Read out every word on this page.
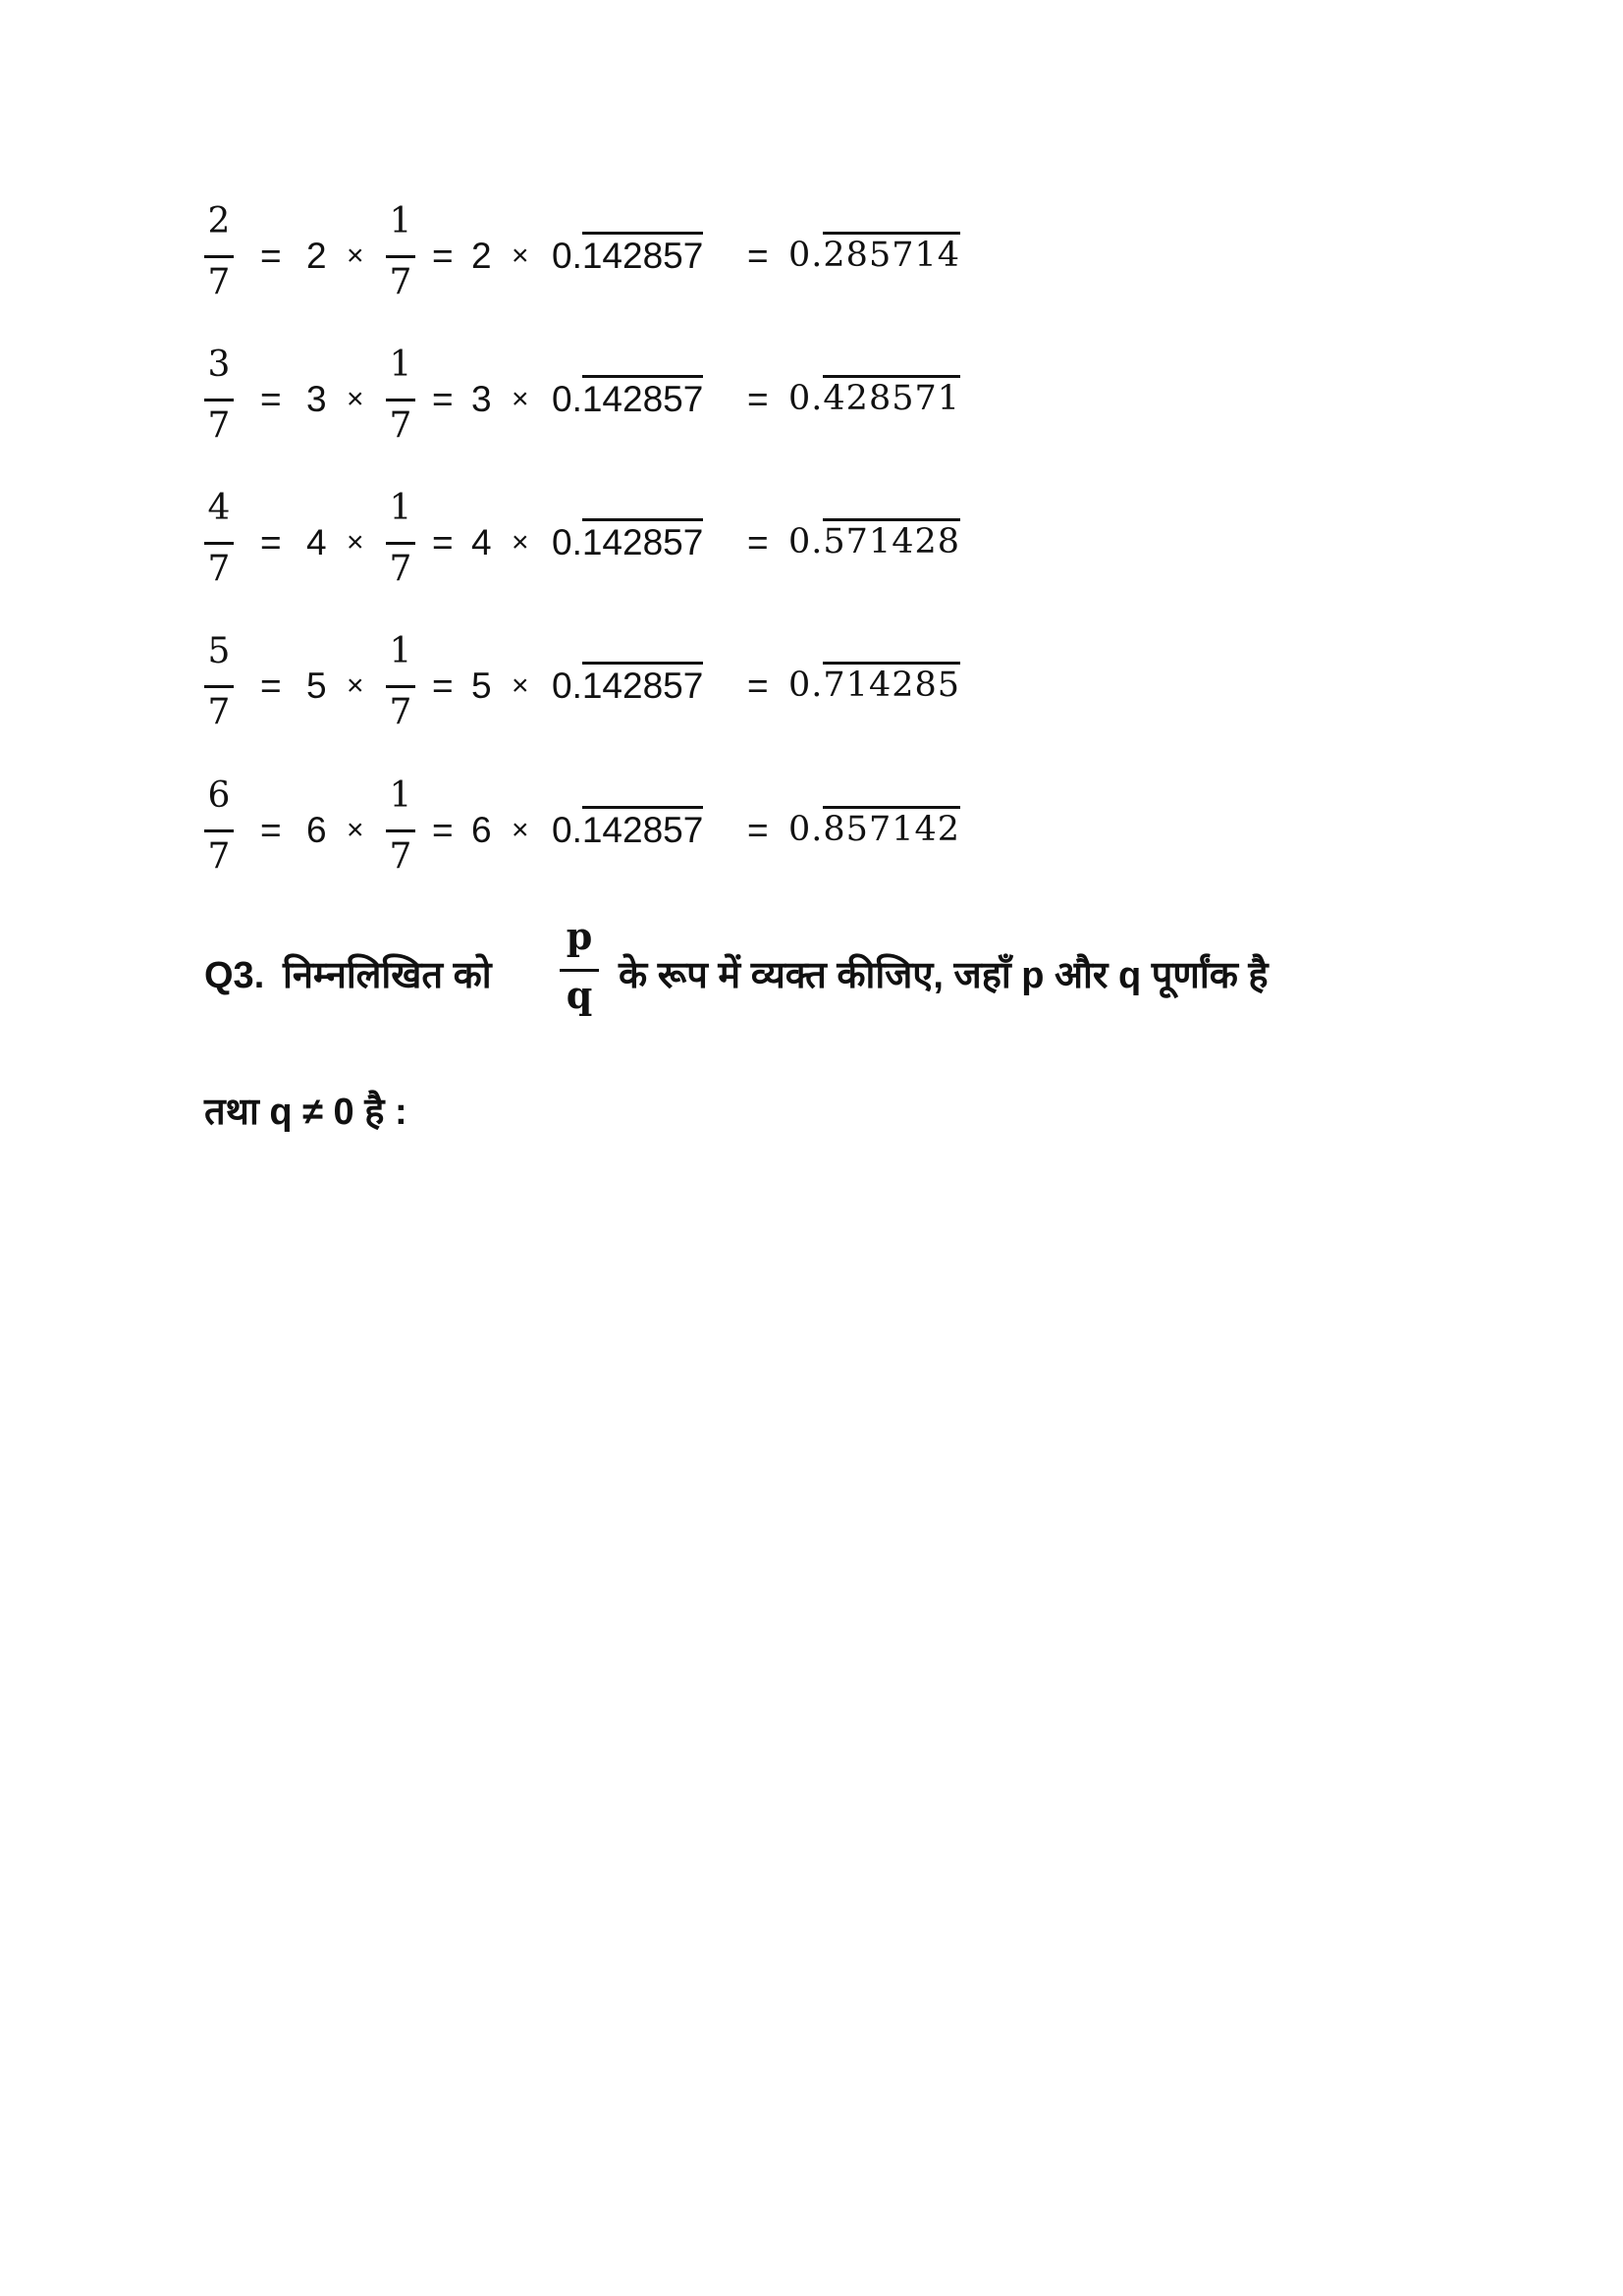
2
7
= 2 ×
1
7
= 2 × 0.142857 = 0.285714
3
7
= 3 ×
1
7
= 3 × 0.142857 = 0.428571
4
7
= 4 ×
1
7
= 4 × 0.142857 = 0.571428
5
7
= 5 ×
1
7
= 5 × 0.142857 = 0.714285
6
7
= 6 ×
1
7
= 6 × 0.142857 = 0.857142
Q3. निम्नलिखित को
p
q के रूप में व्यक्त कीजिए, जहाँ p और q पूर्णांक है
तथा q ≠ 0 है :
